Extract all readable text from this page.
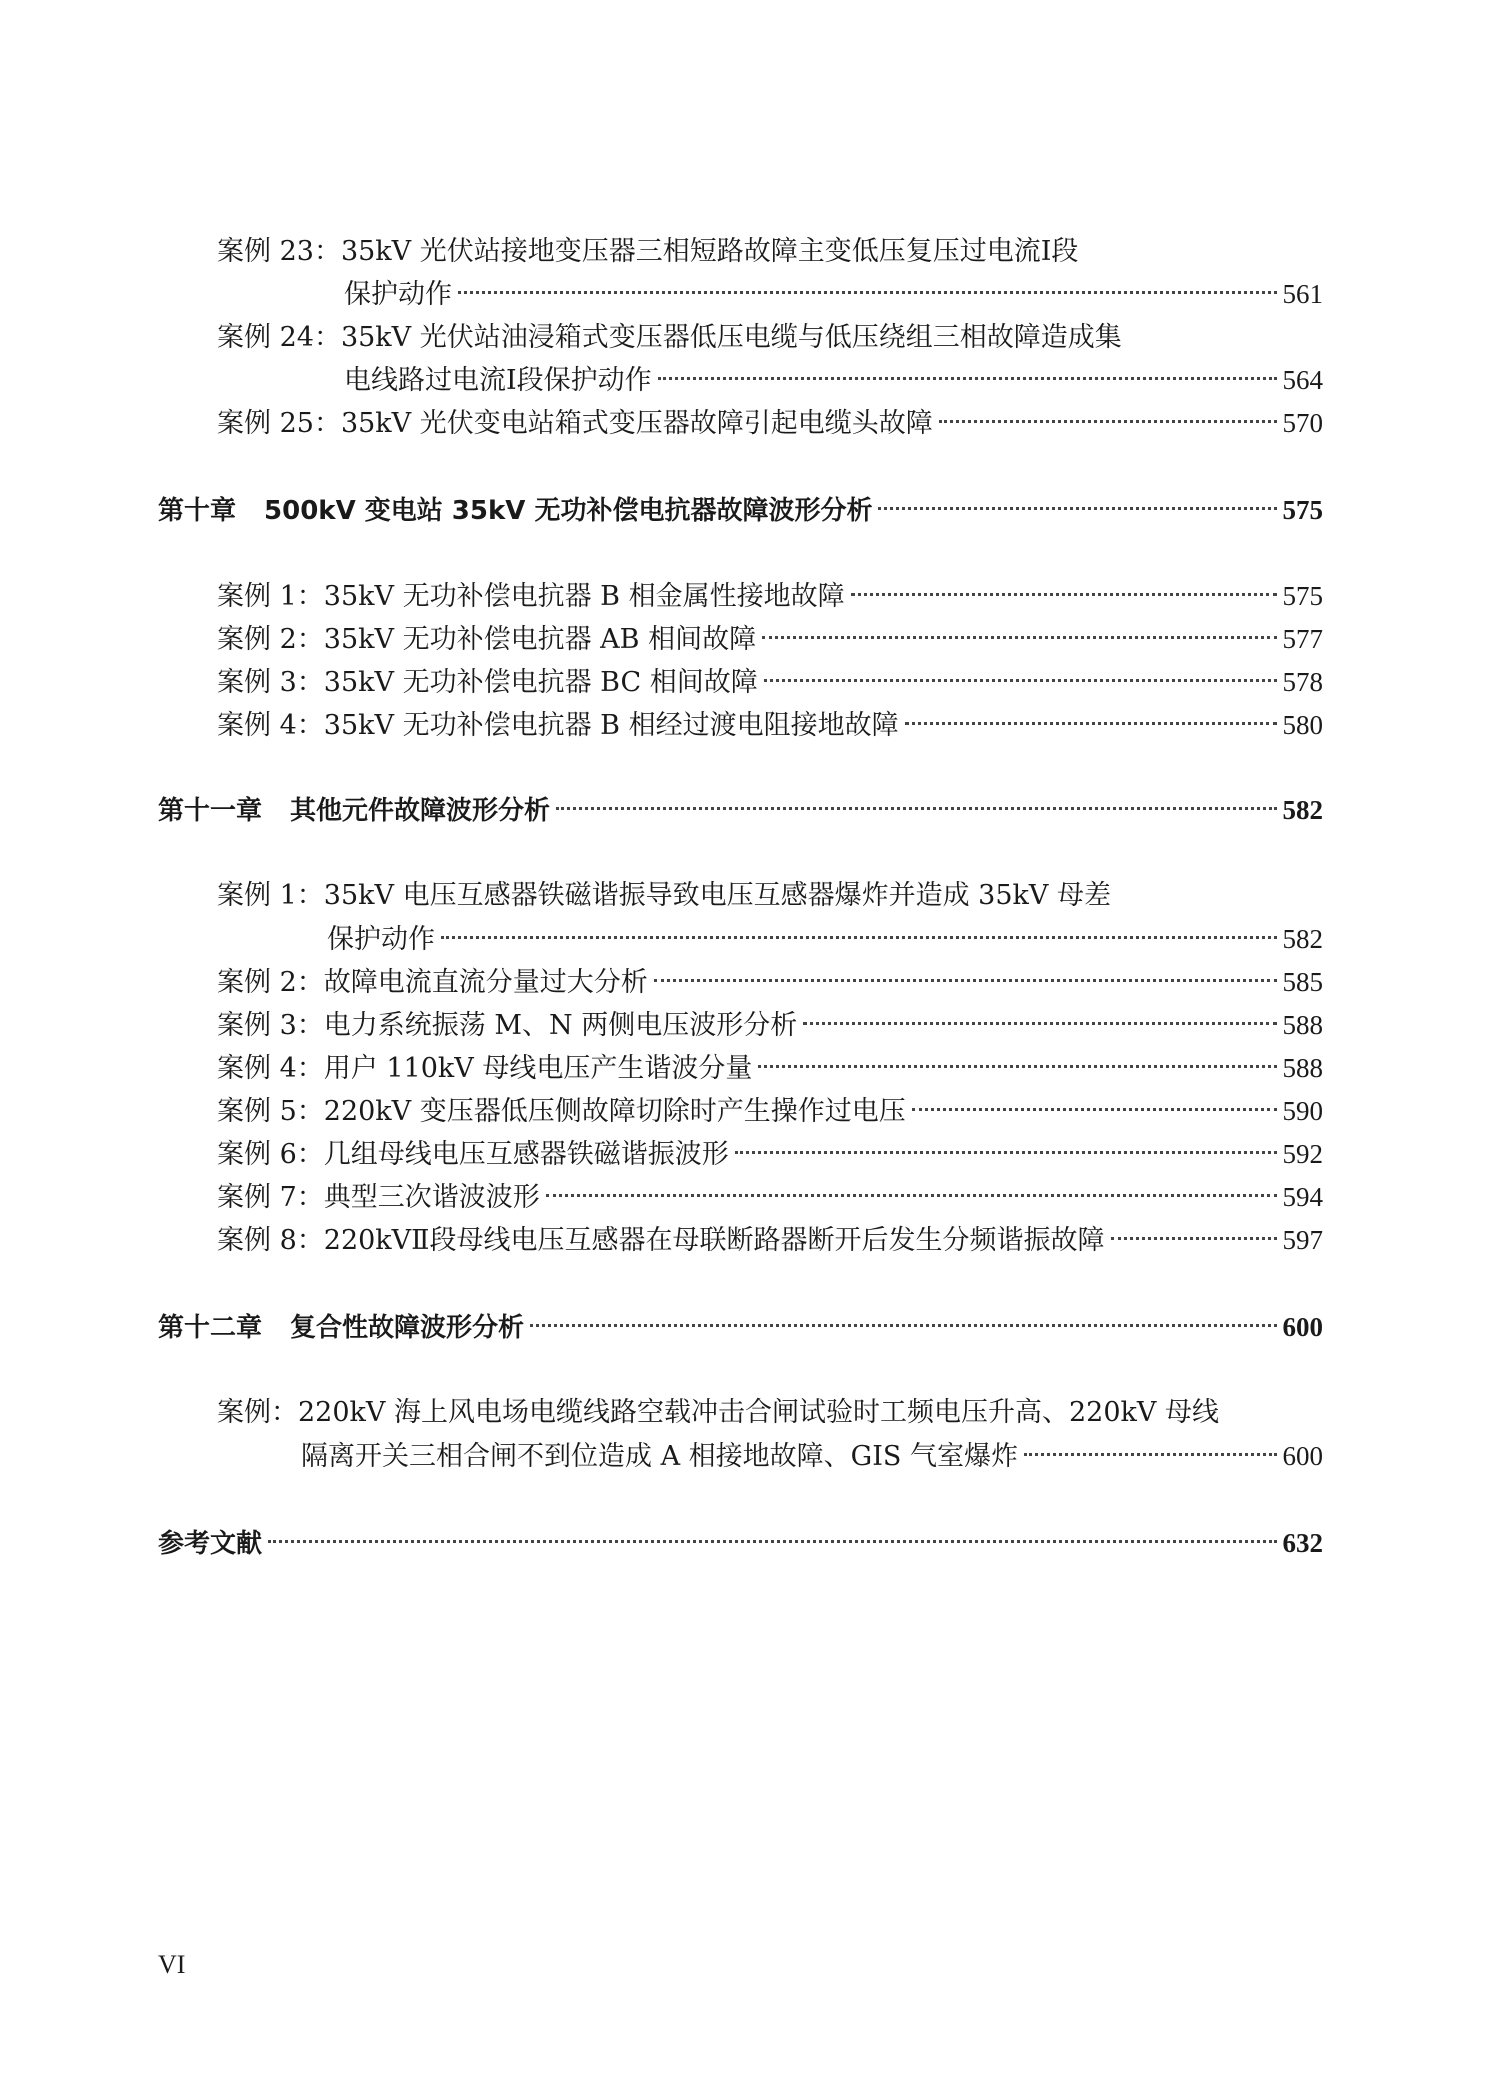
案例 23： 35kV 光伏站接地变压器三相短路故障主变低压复压过电流Ⅰ段
保护动作	561
案例 24： 35kV 光伏站油浸箱式变压器低压电缆与低压绕组三相故障造成集
电线路过电流Ⅰ段保护动作	564
案例 25：35kV 光伏变电站箱式变压器故障引起电缆头故障	570
第十章 500kV 变电站 35kV 无功补偿电抗器故障波形分析	575
案例 1：35kV 无功补偿电抗器 B 相金属性接地故障	575
案例 2：35kV 无功补偿电抗器 AB 相间故障	577
案例 3：35kV 无功补偿电抗器 BC 相间故障	578
案例 4：35kV 无功补偿电抗器 B 相经过渡电阻接地故障	580
第十一章 其他元件故障波形分析	582
案例 1： 35kV 电压互感器铁磁谐振导致电压互感器爆炸并造成 35kV 母差
保护动作	582
案例 2：故障电流直流分量过大分析	585
案例 3：电力系统振荡 M、N 两侧电压波形分析	588
案例 4：用户 110kV 母线电压产生谐波分量	588
案例 5：220kV 变压器低压侧故障切除时产生操作过电压	590
案例 6：几组母线电压互感器铁磁谐振波形	592
案例 7：典型三次谐波波形	594
案例 8：220kVⅡ段母线电压互感器在母联断路器断开后发生分频谐振故障	597
第十二章 复合性故障波形分析	600
案例： 220kV 海上风电场电缆线路空载冲击合闸试验时工频电压升高、220kV 母线
隔离开关三相合闸不到位造成 A 相接地故障、GIS 气室爆炸	600
参考文献	632
VI
